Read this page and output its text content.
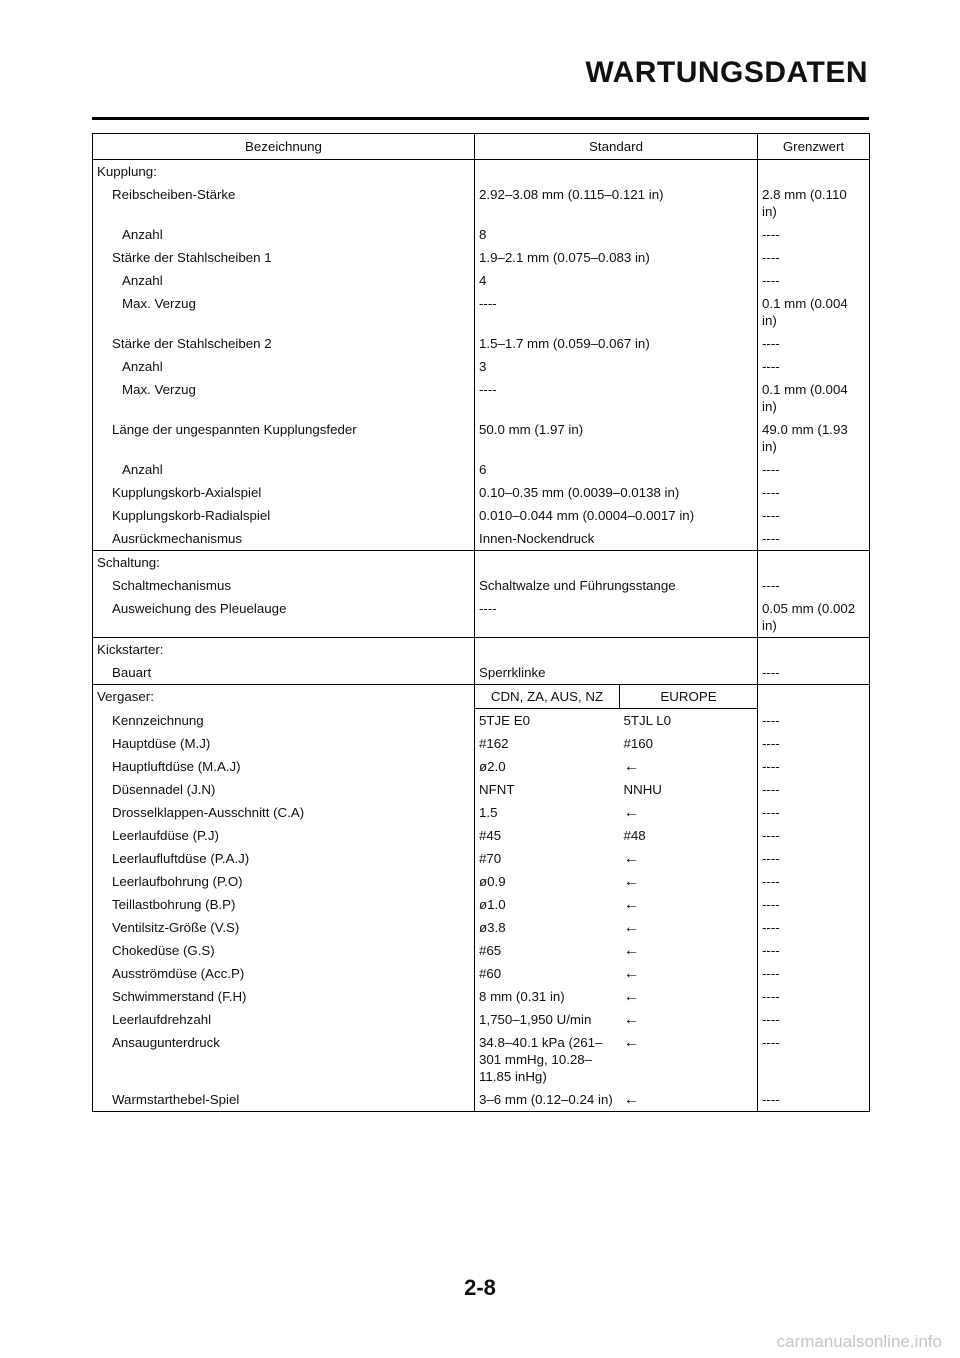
WARTUNGSDATEN
Bezeichnung	Standard		Grenzwert
Kupplung:			
Reibscheiben-Stärke	2.92–3.08 mm (0.115–0.121 in)		2.8 mm (0.110 in)
Anzahl	8		----
Stärke der Stahlscheiben 1	1.9–2.1 mm (0.075–0.083 in)		----
Anzahl	4		----
Max. Verzug	----		0.1 mm (0.004 in)
Stärke der Stahlscheiben 2	1.5–1.7 mm (0.059–0.067 in)		----
Anzahl	3		----
Max. Verzug	----		0.1 mm (0.004 in)
Länge der ungespannten Kupplungsfeder	50.0 mm (1.97 in)		49.0 mm (1.93 in)
Anzahl	6		----
Kupplungskorb-Axialspiel	0.10–0.35 mm (0.0039–0.0138 in)		----
Kupplungskorb-Radialspiel	0.010–0.044 mm (0.0004–0.0017 in)		----
Ausrückmechanismus	Innen-Nockendruck		----
Schaltung:			
Schaltmechanismus	Schaltwalze und Führungsstange		----
Ausweichung des Pleuelauge	----		0.05 mm (0.002 in)
Kickstarter:			
Bauart	Sperrklinke		----
Vergaser:	CDN, ZA, AUS, NZ	EUROPE	
Kennzeichnung	5TJE E0	5TJL L0	----
Hauptdüse (M.J)	#162	#160	----
Hauptluftdüse (M.A.J)	ø2.0	←	----
Düsennadel (J.N)	NFNT	NNHU	----
Drosselklappen-Ausschnitt (C.A)	1.5	←	----
Leerlaufdüse (P.J)	#45	#48	----
Leerlaufluftdüse (P.A.J)	#70	←	----
Leerlaufbohrung (P.O)	ø0.9	←	----
Teillastbohrung (B.P)	ø1.0	←	----
Ventilsitz-Größe (V.S)	ø3.8	←	----
Chokedüse (G.S)	#65	←	----
Ausströmdüse (Acc.P)	#60	←	----
Schwimmerstand (F.H)	8 mm (0.31 in)	←	----
Leerlaufdrehzahl	1,750–1,950 U/min	←	----
Ansaugunterdruck	34.8–40.1 kPa (261–301 mmHg, 10.28–11.85 inHg)	←	----
Warmstarthebel-Spiel	3–6 mm (0.12–0.24 in)	←	----
2-8
carmanualsonline.info
